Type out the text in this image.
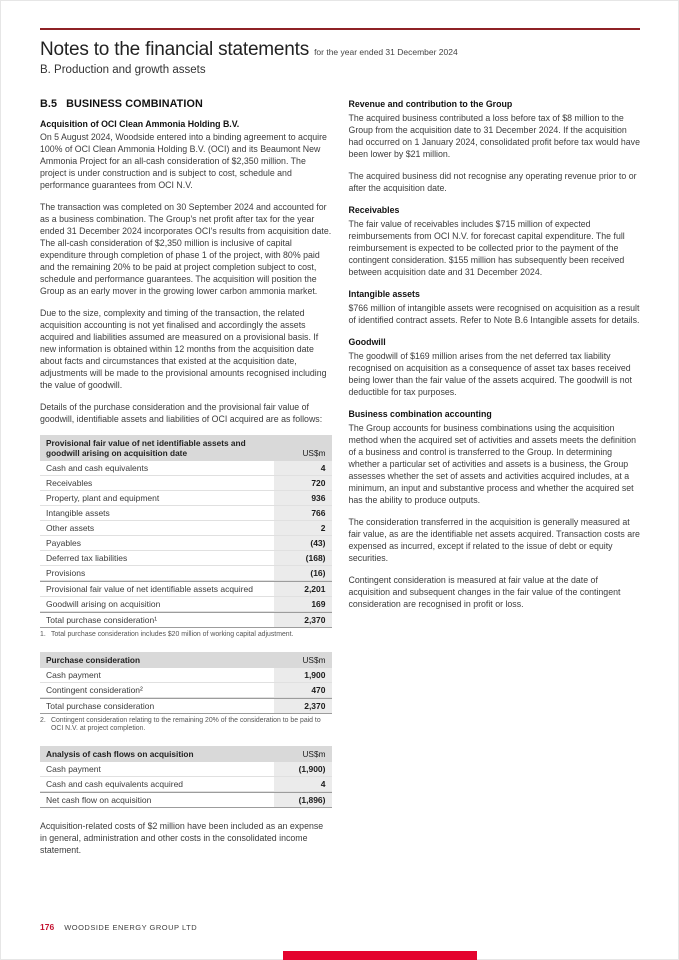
Notes to the financial statements for the year ended 31 December 2024
B. Production and growth assets
B.5 BUSINESS COMBINATION
Acquisition of OCI Clean Ammonia Holding B.V.

On 5 August 2024, Woodside entered into a binding agreement to acquire 100% of OCI Clean Ammonia Holding B.V. (OCI) and its Beaumont New Ammonia Project for an all-cash consideration of $2,350 million. The project is under construction and is subject to cost, schedule and performance guarantees from OCI N.V.

The transaction was completed on 30 September 2024 and accounted for as a business combination. The Group's net profit after tax for the year ended 31 December 2024 incorporates OCI's results from acquisition date. The all-cash consideration of $2,350 million is inclusive of capital expenditure through completion of phase 1 of the project, with 80% paid and the remaining 20% to be paid at project completion subject to cost, schedule and performance guarantees. The acquisition will position the Group as an early mover in the growing lower carbon ammonia market.

Due to the size, complexity and timing of the transaction, the related acquisition accounting is not yet finalised and accordingly the assets acquired and liabilities assumed are measured on a provisional basis. If new information is obtained within 12 months from the acquisition date about facts and circumstances that existed at the acquisition date, adjustments will be made to the provisional amounts recognised including the value of goodwill.

Details of the purchase consideration and the provisional fair value of goodwill, identifiable assets and liabilities of OCI acquired are as follows:

Provisional fair value of net identifiable assets and goodwill arising on acquisition date	US$m
Cash and cash equivalents	4
Receivables	720
Property, plant and equipment	936
Intangible assets	766
Other assets	2
Payables	(43)
Deferred tax liabilities	(168)
Provisions	(16)
Provisional fair value of net identifiable assets acquired	2,201
Goodwill arising on acquisition	169
Total purchase consideration¹	2,370
1. Total purchase consideration includes $20 million of working capital adjustment.
Purchase consideration	US$m
Cash payment	1,900
Contingent consideration²	470
Total purchase consideration	2,370
2. Contingent consideration relating to the remaining 20% of the consideration to be paid to OCI N.V. at project completion.
Analysis of cash flows on acquisition	US$m
Cash payment	(1,900)
Cash and cash equivalents acquired	4
Net cash flow on acquisition	(1,896)

Acquisition-related costs of $2 million have been included as an expense in general, administration and other costs in the consolidated income statement.

Revenue and contribution to the Group
The acquired business contributed a loss before tax of $8 million to the Group from the acquisition date to 31 December 2024. If the acquisition had occurred on 1 January 2024, consolidated profit before tax would have been lower by $21 million.
The acquired business did not recognise any operating revenue prior to or after the acquisition date.
Receivables
The fair value of receivables includes $715 million of expected reimbursements from OCI N.V. for forecast capital expenditure. The full reimbursement is expected to be collected prior to the payment of the contingent consideration. $155 million has subsequently been received between acquisition date and 31 December 2024.
Intangible assets
$766 million of intangible assets were recognised on acquisition as a result of identified contract assets. Refer to Note B.6 Intangible assets for details.
Goodwill
The goodwill of $169 million arises from the net deferred tax liability recognised on acquisition as a consequence of asset tax bases received being lower than the fair value of the assets acquired. The goodwill is not deductible for tax purposes.
Business combination accounting
The Group accounts for business combinations using the acquisition method when the acquired set of activities and assets meets the definition of a business and control is transferred to the Group. In determining whether a particular set of activities and assets is a business, the Group assesses whether the set of assets and activities acquired includes, at a minimum, an input and substantive process and whether the acquired set has the ability to produce outputs.
The consideration transferred in the acquisition is generally measured at fair value, as are the identifiable net assets acquired. Transaction costs are expensed as incurred, except if related to the issue of debt or equity securities.
Contingent consideration is measured at fair value at the date of acquisition and subsequent changes in the fair value of the contingent consideration are recognised in profit or loss.
176 WOODSIDE ENERGY GROUP LTD
